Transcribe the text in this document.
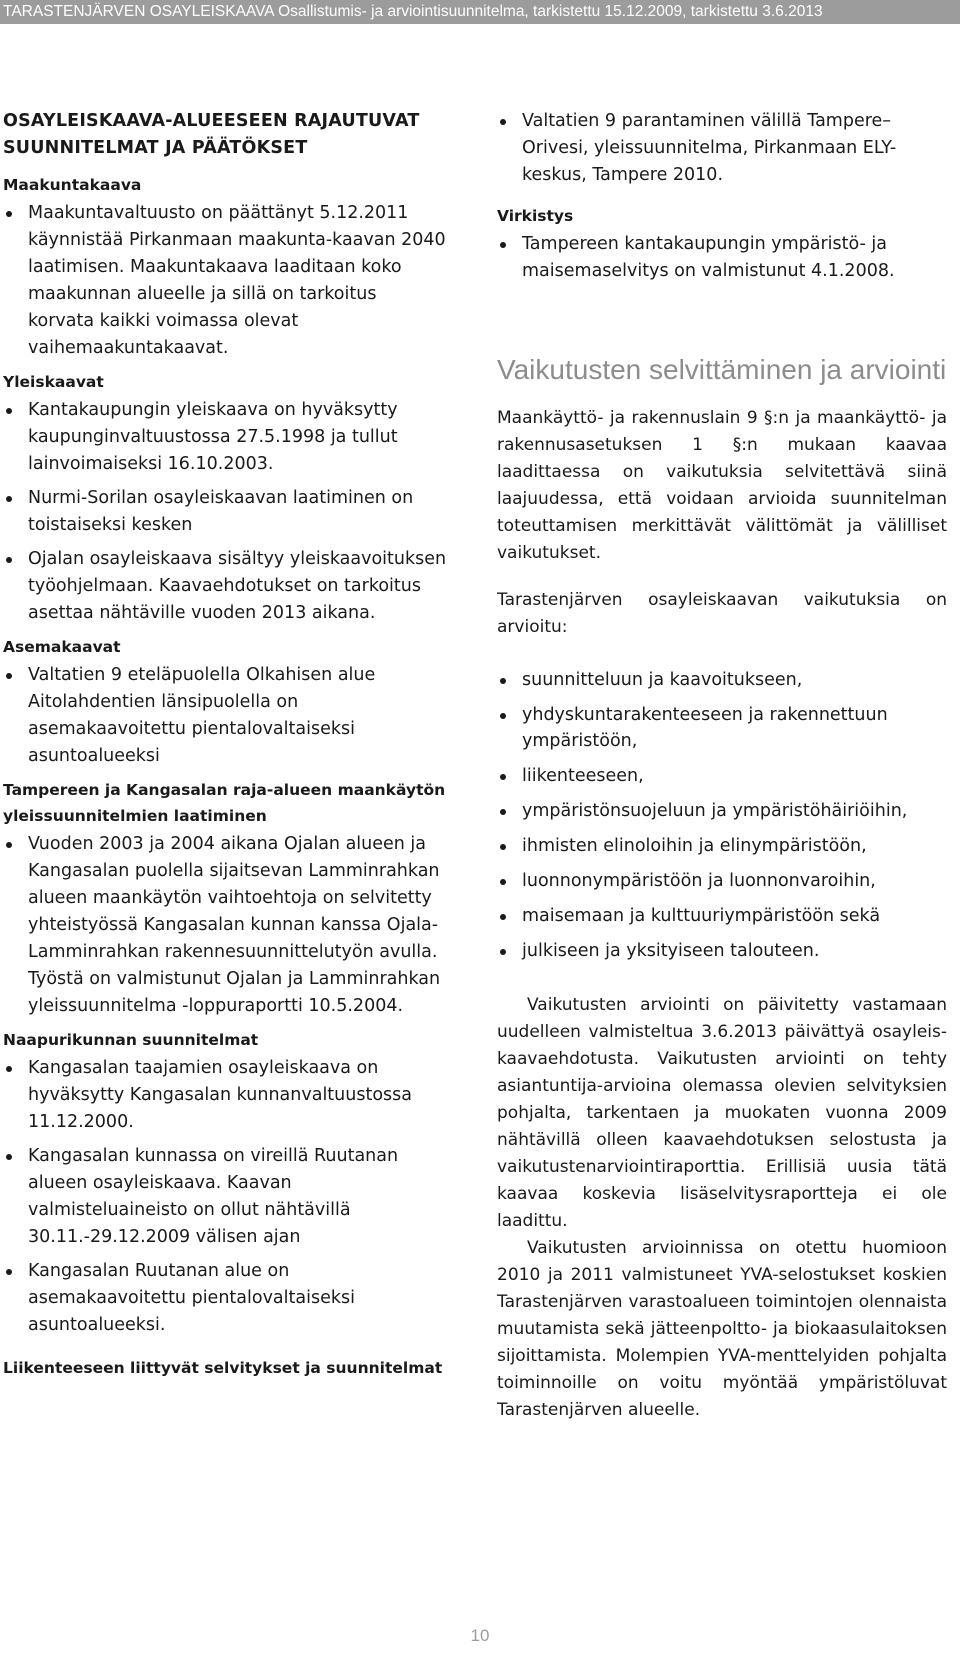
TARASTENJÄRVEN OSAYLEISKAAVA Osallistumis- ja arviointisuunnitelma, tarkistettu 15.12.2009, tarkistettu 3.6.2013
OSAYLEISKAAVA-ALUEESEEN RAJAUTUVAT SUUNNITELMAT JA PÄÄTÖKSET
Maakuntakaava
Maakuntavaltuusto on päättänyt 5.12.2011 käynnistää Pirkanmaan maakunta-kaavan 2040 laatimisen. Maakuntakaava laaditaan koko maakunnan alueelle ja sillä on tarkoitus korvata kaikki voimassa olevat vaihemaakuntakaavat.
Yleiskaavat
Kantakaupungin yleiskaava on hyväksytty kaupunginvaltuustossa 27.5.1998 ja tullut lainvoimaiseksi 16.10.2003.
Nurmi-Sorilan osayleiskaavan laatiminen on toistaiseksi kesken
Ojalan osayleiskaava sisältyy yleiskaavoituksen työohjelmaan. Kaavaehdotukset on tarkoitus asettaa nähtäville vuoden 2013 aikana.
Asemakaavat
Valtatien 9 eteläpuolella Olkahisen alue Aitolahdentien länsipuolella on asemakaavoitettu pientalovaltaiseksi asuntoalueeksi
Tampereen ja Kangasalan raja-alueen maankäytön yleissuunnitelmien laatiminen
Vuoden 2003 ja 2004 aikana Ojalan alueen ja Kangasalan puolella sijaitsevan Lamminrahkan alueen maankäytön vaihtoehtoja on selvitetty yhteistyössä Kangasalan kunnan kanssa Ojala-Lamminrahkan rakennesuunnittelutyön avulla. Työstä on valmistunut Ojalan ja Lamminrahkan yleissuunnitelma -loppuraportti 10.5.2004.
Naapurikunnan suunnitelmat
Kangasalan taajamien osayleiskaava on hyväksytty Kangasalan kunnanvaltuustossa 11.12.2000.
Kangasalan kunnassa on vireillä Ruutanan alueen osayleiskaava. Kaavan valmisteluaineisto on ollut nähtävillä 30.11.-29.12.2009 välisen ajan
Kangasalan Ruutanan alue on asemakaavoitettu pientalovaltaiseksi asuntoalueeksi.
Liikenteeseen liittyvät selvitykset ja suunnitelmat
Valtatien 9 parantaminen välillä Tampere–Orivesi, yleissuunnitelma, Pirkanmaan ELY-keskus, Tampere 2010.
Virkistys
Tampereen kantakaupungin ympäristö- ja maisemaselvitys on valmistunut 4.1.2008.
Vaikutusten selvittäminen ja arviointi

Maankäyttö- ja rakennuslain 9 §:n ja maankäyttö- ja rakennusasetuksen 1 §:n mukaan kaavaa laadittaessa on vaikutuksia selvitettävä siinä laajuudessa, että voidaan arvioida suunnitelman toteuttamisen merkittävät välittömät ja välilliset vaikutukset.

Tarastenjärven osayleiskaavan vaikutuksia on arvioitu:

suunnitteluun ja kaavoitukseen,
yhdyskuntarakenteeseen ja rakennettuun ympäristöön,
liikenteeseen,
ympäristönsuojeluun ja ympäristöhäiriöihin,
ihmisten elinoloihin ja elinympäristöön,
luonnonympäristöön ja luonnonvaroihin,
maisemaan ja kulttuuriympäristöön sekä
julkiseen ja yksityiseen talouteen.

Vaikutusten arviointi on päivitetty vastamaan uudelleen valmisteltua 3.6.2013 päivättyä osayleis-kaavaehdotusta. Vaikutusten arviointi on tehty asiantuntija-arvioina olemassa olevien selvityksien pohjalta, tarkentaen ja muokaten vuonna 2009 nähtävillä olleen kaavaehdotuksen selostusta ja vaikutustenarviointiraporttia. Erillisiä uusia tätä kaavaa koskevia lisäselvitysraportteja ei ole laadittu.

Vaikutusten arvioinnissa on otettu huomioon 2010 ja 2011 valmistuneet YVA-selostukset koskien Tarastenjärven varastoalueen toimintojen olennaista muutamista sekä jätteenpoltto- ja biokaasulaitoksen sijoittamista. Molempien YVA-menttelyiden pohjalta toiminnoille on voitu myöntää ympäristöluvat Tarastenjärven alueelle.

10
